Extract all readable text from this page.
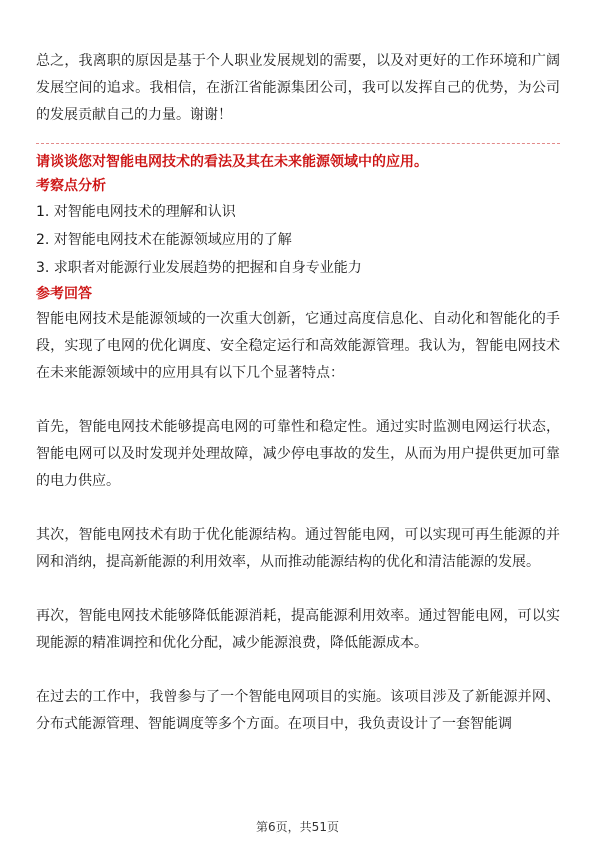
总之，我离职的原因是基于个人职业发展规划的需要，以及对更好的工作环境和广阔发展空间的追求。我相信，在浙江省能源集团公司，我可以发挥自己的优势，为公司的发展贡献自己的力量。谢谢！

请谈谈您对智能电网技术的看法及其在未来能源领域中的应用。

考察点分析

1. 对智能电网技术的理解和认识

2. 对智能电网技术在能源领域应用的了解

3. 求职者对能源行业发展趋势的把握和自身专业能力

参考回答

智能电网技术是能源领域的一次重大创新，它通过高度信息化、自动化和智能化的手段，实现了电网的优化调度、安全稳定运行和高效能源管理。我认为，智能电网技术在未来能源领域中的应用具有以下几个显著特点：

首先，智能电网技术能够提高电网的可靠性和稳定性。通过实时监测电网运行状态，智能电网可以及时发现并处理故障，减少停电事故的发生，从而为用户提供更加可靠的电力供应。

其次，智能电网技术有助于优化能源结构。通过智能电网，可以实现可再生能源的并网和消纳，提高新能源的利用效率，从而推动能源结构的优化和清洁能源的发展。

再次，智能电网技术能够降低能源消耗，提高能源利用效率。通过智能电网，可以实现能源的精准调控和优化分配，减少能源浪费，降低能源成本。

在过去的工作中，我曾参与了一个智能电网项目的实施。该项目涉及了新能源并网、分布式能源管理、智能调度等多个方面。在项目中，我负责设计了一套智能调

第6页，共51页
